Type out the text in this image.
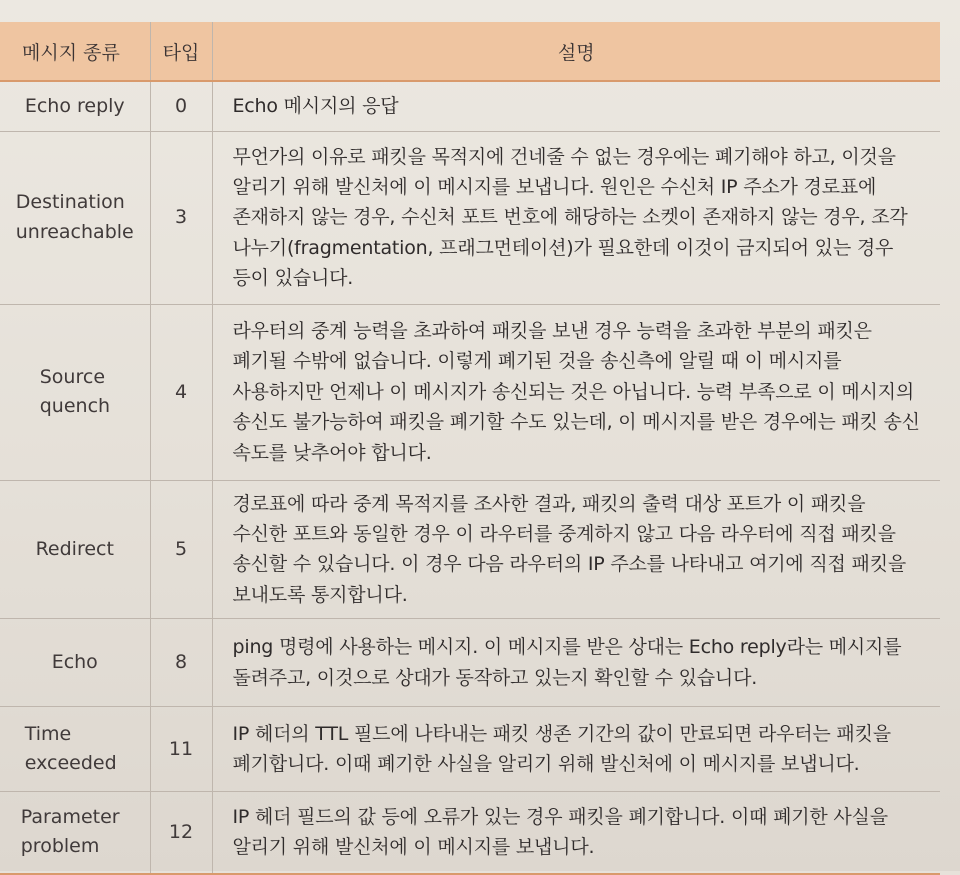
메시지 종류	타입	설명
Echo reply	0	Echo 메시지의 응답
Destination unreachable	3	무언가의 이유로 패킷을 목적지에 건네줄 수 없는 경우에는 폐기해야 하고, 이것을 알리기 위해 발신처에 이 메시지를 보냅니다. 원인은 수신처 IP 주소가 경로표에 존재하지 않는 경우, 수신처 포트 번호에 해당하는 소켓이 존재하지 않는 경우, 조각 나누기(fragmentation, 프래그먼테이션)가 필요한데 이것이 금지되어 있는 경우 등이 있습니다.
Source quench	4	라우터의 중계 능력을 초과하여 패킷을 보낸 경우 능력을 초과한 부분의 패킷은 폐기될 수밖에 없습니다. 이렇게 폐기된 것을 송신측에 알릴 때 이 메시지를 사용하지만 언제나 이 메시지가 송신되는 것은 아닙니다. 능력 부족으로 이 메시지의 송신도 불가능하여 패킷을 폐기할 수도 있는데, 이 메시지를 받은 경우에는 패킷 송신 속도를 낮추어야 합니다.
Redirect	5	경로표에 따라 중계 목적지를 조사한 결과, 패킷의 출력 대상 포트가 이 패킷을 수신한 포트와 동일한 경우 이 라우터를 중계하지 않고 다음 라우터에 직접 패킷을 송신할 수 있습니다. 이 경우 다음 라우터의 IP 주소를 나타내고 여기에 직접 패킷을 보내도록 통지합니다.
Echo	8	ping 명령에 사용하는 메시지. 이 메시지를 받은 상대는 Echo reply라는 메시지를 돌려주고, 이것으로 상대가 동작하고 있는지 확인할 수 있습니다.
Time exceeded	11	IP 헤더의 TTL 필드에 나타내는 패킷 생존 기간의 값이 만료되면 라우터는 패킷을 폐기합니다. 이때 폐기한 사실을 알리기 위해 발신처에 이 메시지를 보냅니다.
Parameter problem	12	IP 헤더 필드의 값 등에 오류가 있는 경우 패킷을 폐기합니다. 이때 폐기한 사실을 알리기 위해 발신처에 이 메시지를 보냅니다.
